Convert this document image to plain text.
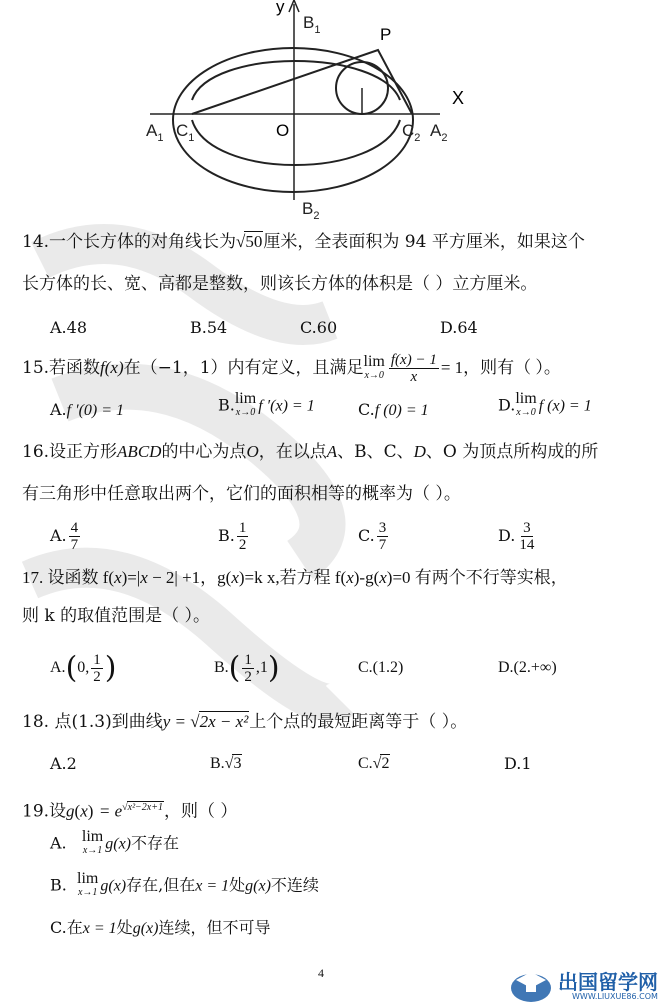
y
$B_1$	P
X
$A_1$ $C_1$	O	$C_2$ $A_2$
$B_2$
14.一个长方体的对角线长为√50厘米，全表面积为 94 平方厘米，如果这个
长方体的长、宽、高都是整数，则该长方体的体积是（ ）立方厘米。
A.48	B.54	C.60	D.64
15.若函数f(x)在（−1，1）内有定义，且满足 lim
$x\to 0 \frac{f(x) - 1}{x} = 1$，则有（ ）。
A.f ′(0) = 1	B. lim
x→0 f ′(x) = 1	C.f (0) = 1	D. lim
x→0 f (x) = 1
16.设正方形ABCD的中心为点O，在以点A、B、C、D、O 为顶点所构成的所
有三角形中任意取出两个，它们的面积相等的概率为（ ）。
A. $\frac{4}{7}$	B. $\frac{1}{2}$	C. $\frac{3}{7}$	D. $\frac{3}{14}$
17. 设函数 f(x)=|x − 2| +1，g(x)=k x,若方程 f(x)-g(x)=0 有两个不行等实根，
则 k 的取值范围是（ ）。
A.(0, $\frac{1}{2}$ )	$B.( \frac{1}{2} ,1)$	C.(1.2)	D.(2.+∞)
18. 点(1.3)到曲线y = √2x − x²上个点的最短距离等于（ ）。
A.2	B.√3	C.√2	D.1
19.设$g(x) = e^{√x^2-2x+1}$，则（ ）
A. lim
x→1 g(x)不存在
B. lim
x→1 g(x)存在,但在x = 1处g(x)不连续
C.在x = 1处g(x)连续，但不可导
4	出国留学网
WWW.LIUXUE86.COM
